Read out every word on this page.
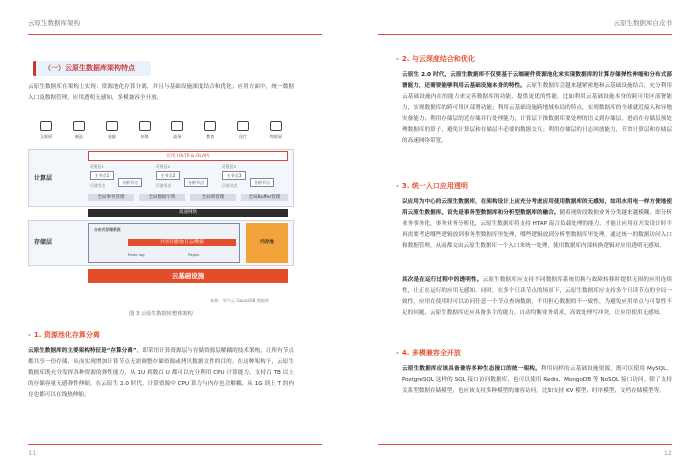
云原生数据库架构
（一）云原生数据库架构特点
云原生数据库在架构上实现：资源池化存算分离，并且与基础设施深度结合和优化；应用方面中，统一数据入口及数据管理，应用透明无感知，多模兼容全开放。
互联网	制造	金融	传媒	政务	教育	医疗	物联网
计算层
应用 (OLTP & OLAP)
可用区1	可用区2	可用区3
主节点1
分析节点
主节点2
分析节点
主节点3
分析节点
只读节点	只读节点	只读节点
全局事务管理	全局数据字典	全局锁管理	全局Buffer管理
高速网络
存储层
分布式存储系统
共享存储池/日志/数据
Redo log	Pages
内存池
云基础设施
来源：华为云 GaussDB 数据库
图 3 云原生数据库整体架构
- 1. 资源池化存算分离
云原生数据库的主要架构特征是“存算分离”，即采用计算资源层与存储资源层解耦的技术架构，让所有节点都共享一份存储，从而实现增加计算节点无需调整存储资源或拷贝数据文件的目的。在这种架构下，云原生数据库既充分发挥各种资源的弹性能力，从 1U 到数百 U 都可以充分利用 CPU 计算能力，支持百 TB 以上的存储容量无感弹性伸缩。在云原生 2.0 时代，计算资源中 CPU 算力与内存也会解耦，从 1G 到上 T 的内存也都可以在线热伸缩。
11
云原生数据库白皮书
- 2. 与云深度结合和优化
云原生 2.0 时代，云原生数据库不仅要基于云端硬件资源池化来实现数据库的计算存储弹性伸缩和分布式部署能力，还需要能够利用云基础设施本身的特性。云原生数据库会越来越紧密地和云基础设施结合，充分利用云基础设施内在的能力来完善数据库的功能，提供更优的性能。比如利用云基础设施本身的跨可用区部署能力，实现数据库的跨可用区部署功能；利用云基础设施跨地域布局的特点，实现数据库的全球就近接入和异地灾备能力；利用存储层的近存储并行处理能力，计算层下推数据库要处理的语义到存储层，进而在存储层预处理数据库的算子，避免计算层和存储层不必要的数据交互；利用存储层的日志回放能力，节省计算层和存储层的高速网络带宽。
- 3. 统一入口应用透明
以应用为中心的云原生数据库，在架构设计上应充分考虑应用使用数据库的无感知，如用水用电一样方便地使用云原生数据库。首先是事务型数据库和分析型数据库的融合。随着现阶段数据业务分类越来越模糊，即分析业务事务化，事务业务分析化，云原生数据库将支持 HTAP 混合负载处理的能力，才能让应用在开发设计时不再需要考虑哪些逻辑放到事务型数据库里处理，哪些逻辑放到分析型数据库里处理。通过统一的数据访问入口和数据管理，从而都交由云原生数据库一个入口来统一处理，使用数据库内部转换逻辑对应用透明无感知。
其次是在运行过程中的透明性。云原生数据库应支持不同数据库系统切换与故障转移时提供无损的应用连续性，让正在运行的应用无感知。同时，在多个只读节点的场景下，云原生数据库应支持多个只读节点的全局一致性，应用在使用时可以访问任意一个节点查询数据，不用担心数据的不一致性。为避免应用单点与可靠性不足的问题，云原生数据库还应具备多主的能力，自动均衡业务请求，高效处理写冲突，让应用使用无感知。
- 4. 多模兼容全开放
云原生数据库应该具备兼容多种生态接口的统一架构。利用同样的云基础设施资源，既可以使用 MySQL、PostgreSQL 这样的 SQL 接口访问数据库，也可以使用 Redis、MongoDB 等 NoSQL 接口访问。除了支持关系型数据存储模型，也应该支持多种模型的兼容访问，比如支持 KV 模型、时序模型、文档存储模型等。
12
